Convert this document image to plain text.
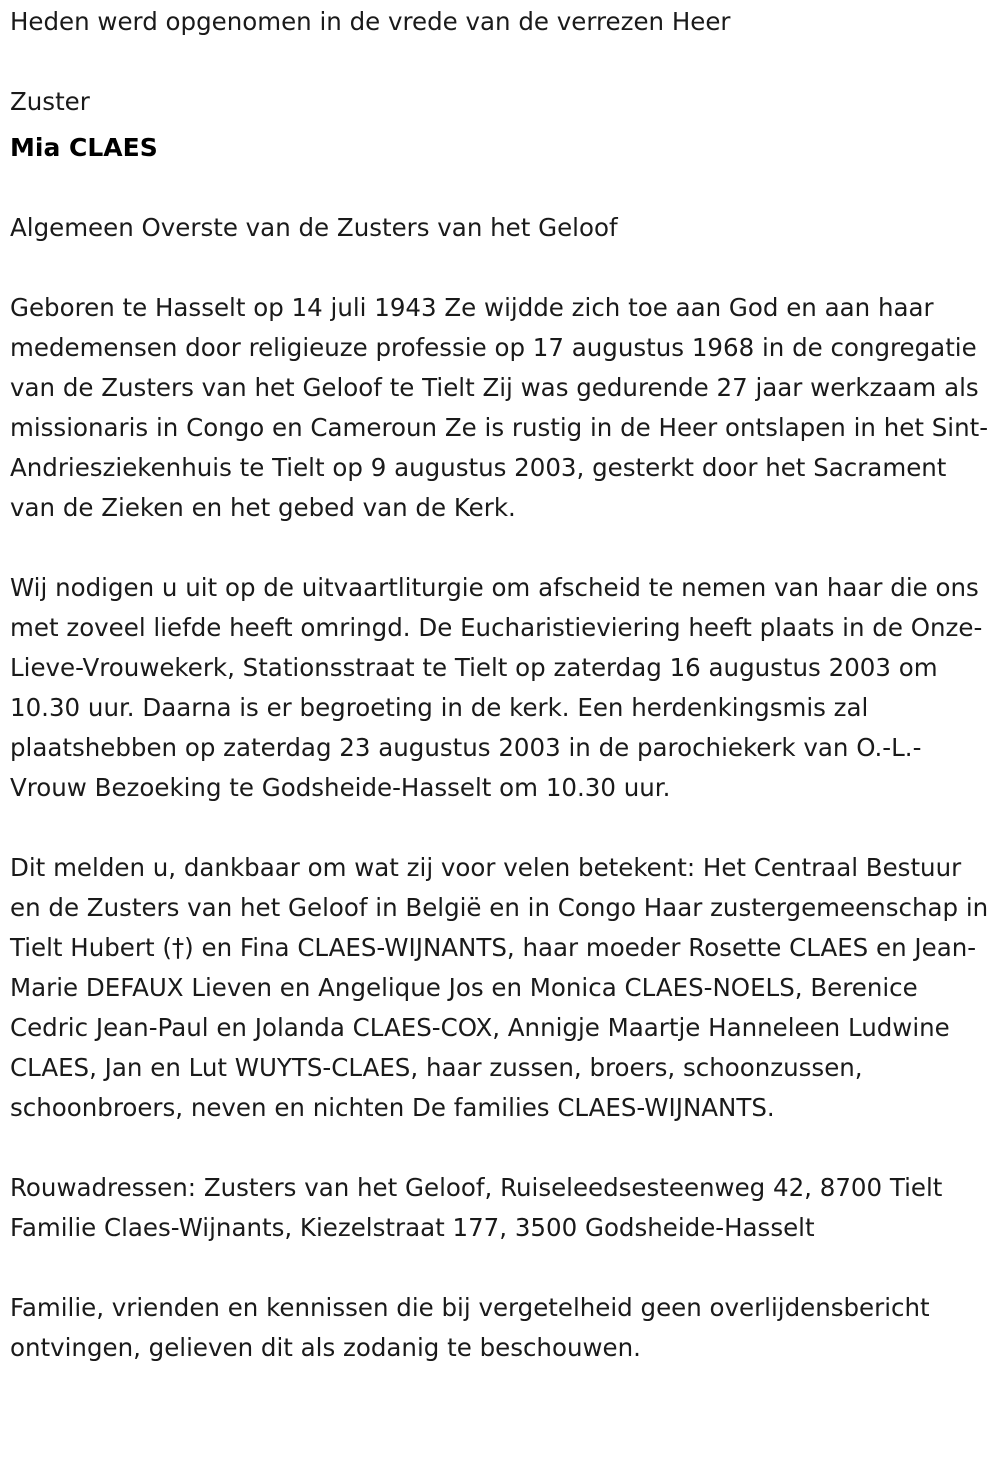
Heden werd opgenomen in de vrede van de verrezen Heer

Zuster

Mia CLAES

Algemeen Overste van de Zusters van het Geloof

Geboren te Hasselt op 14 juli 1943 Ze wijdde zich toe aan God en aan haar medemensen door religieuze professie op 17 augustus 1968 in de congregatie van de Zusters van het Geloof te Tielt Zij was gedurende 27 jaar werkzaam als missionaris in Congo en Cameroun Ze is rustig in de Heer ontslapen in het Sint-Andriesziekenhuis te Tielt op 9 augustus 2003, gesterkt door het Sacrament van de Zieken en het gebed van de Kerk.

Wij nodigen u uit op de uitvaartliturgie om afscheid te nemen van haar die ons met zoveel liefde heeft omringd. De Eucharistieviering heeft plaats in de Onze-Lieve-Vrouwekerk, Stationsstraat te Tielt op zaterdag 16 augustus 2003 om 10.30 uur. Daarna is er begroeting in de kerk. Een herdenkingsmis zal plaatshebben op zaterdag 23 augustus 2003 in de parochiekerk van O.-L.-Vrouw Bezoeking te Godsheide-Hasselt om 10.30 uur.

Dit melden u, dankbaar om wat zij voor velen betekent: Het Centraal Bestuur en de Zusters van het Geloof in België en in Congo Haar zustergemeenschap in Tielt Hubert (†) en Fina CLAES-WIJNANTS, haar moeder Rosette CLAES en Jean-Marie DEFAUX Lieven en Angelique Jos en Monica CLAES-NOELS, Berenice Cedric Jean-Paul en Jolanda CLAES-COX, Annigje Maartje Hanneleen Ludwine CLAES, Jan en Lut WUYTS-CLAES, haar zussen, broers, schoonzussen, schoonbroers, neven en nichten De families CLAES-WIJNANTS.

Rouwadressen: Zusters van het Geloof, Ruiseleedsesteenweg 42, 8700 Tielt Familie Claes-Wijnants, Kiezelstraat 177, 3500 Godsheide-Hasselt

Familie, vrienden en kennissen die bij vergetelheid geen overlijdensbericht ontvingen, gelieven dit als zodanig te beschouwen.
